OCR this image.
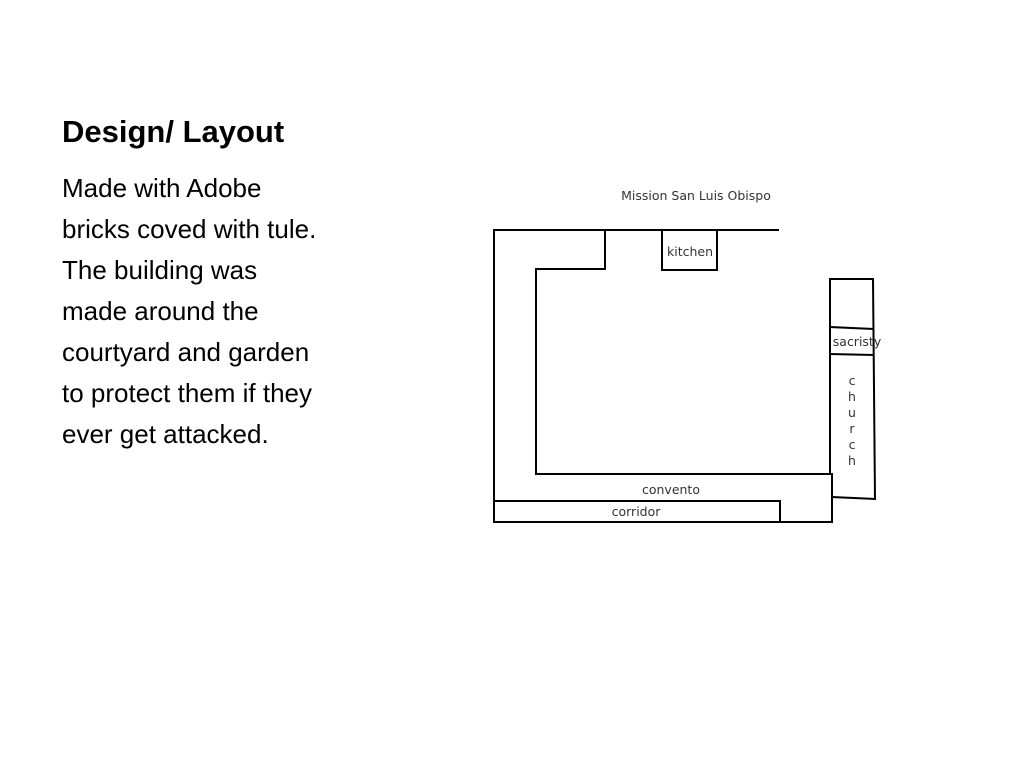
Design/ Layout
Made with Adobe
bricks coved with tule.
The building was
made around the
courtyard and garden
to protect them if they
ever get attacked.
Mission San Luis Obispo
kitchen
sacristy
c
h
u
r
c
h
convento
corridor
